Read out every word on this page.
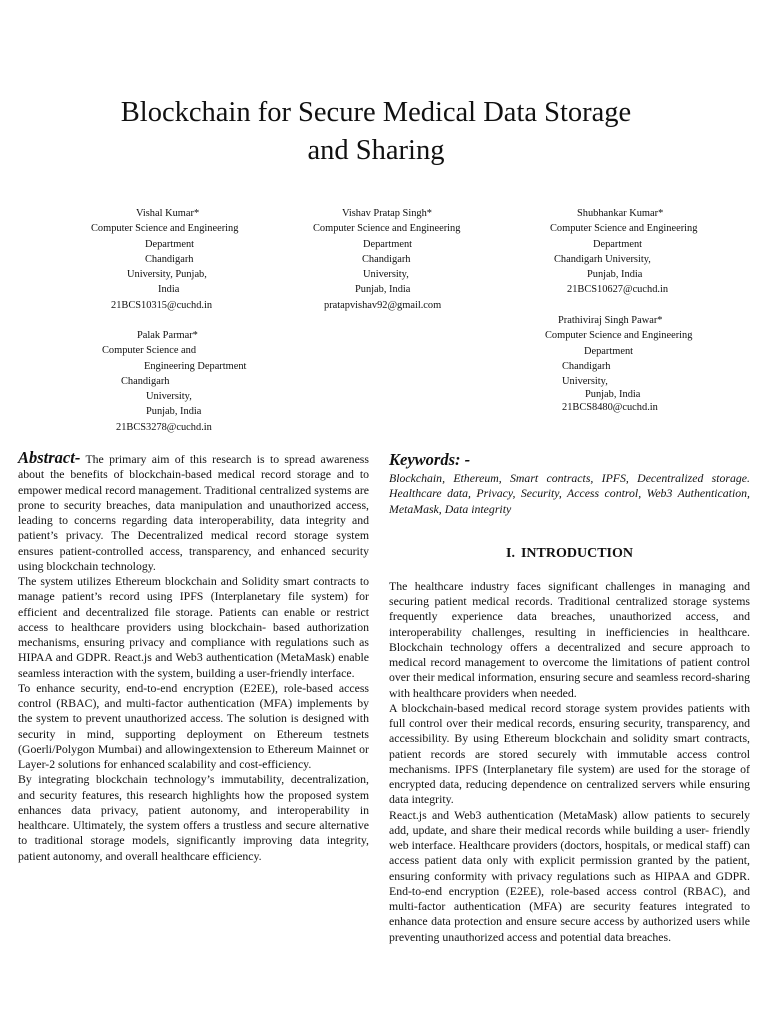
Blockchain for Secure Medical Data Storage
and Sharing
Vishal Kumar*
Computer Science and Engineering
Department
Chandigarh
University, Punjab,
India
21BCS10315@cuchd.in
Vishav Pratap Singh*
Computer Science and Engineering
Department
Chandigarh
University,
Punjab, India
pratapvishav92@gmail.com
Shubhankar Kumar*
Computer Science and Engineering
Department
Chandigarh University,
Punjab, India
21BCS10627@cuchd.in
Palak Parmar*
Computer Science and
Engineering Department
Chandigarh
University,
Punjab, India
21BCS3278@cuchd.in
Prathiviraj Singh Pawar*
Computer Science and Engineering
Department
Chandigarh
University,
Punjab, India
21BCS8480@cuchd.in

Abstract- The primary aim of this research is to spread awareness about the benefits of blockchain-based medical record storage and to empower medical record management. Traditional centralized systems are prone to security breaches, data manipulation and unauthorized access, leading to concerns regarding data interoperability, data integrity and patient’s privacy. The Decentralized medical record storage system ensures patient-controlled access, transparency, and enhanced security using blockchain technology.

The system utilizes Ethereum blockchain and Solidity smart contracts to manage patient’s record using IPFS (Interplanetary file system) for efficient and decentralized file storage. Patients can enable or restrict access to healthcare providers using blockchain- based authorization mechanisms, ensuring privacy and compliance with regulations such as HIPAA and GDPR. React.js and Web3 authentication (MetaMask) enable seamless interaction with the system, building a user-friendly interface.

To enhance security, end-to-end encryption (E2EE), role-based access control (RBAC), and multi-factor authentication (MFA) implements by the system to prevent unauthorized access. The solution is designed with security in mind, supporting deployment on Ethereum testnets (Goerli/Polygon Mumbai) and allowingextension to Ethereum Mainnet or Layer-2 solutions for enhanced scalability and cost-efficiency.

By integrating blockchain technology’s immutability, decentralization, and security features, this research highlights how the proposed system enhances data privacy, patient autonomy, and interoperability in healthcare. Ultimately, the system offers a trustless and secure alternative to traditional storage models, significantly improving data integrity, patient autonomy, and overall healthcare efficiency.

Keywords: -

Blockchain, Ethereum, Smart contracts, IPFS, Decentralized storage. Healthcare data, Privacy, Security, Access control, Web3 Authentication, MetaMask, Data integrity

I. INTRODUCTION

The healthcare industry faces significant challenges in managing and securing patient medical records. Traditional centralized storage systems frequently experience data breaches, unauthorized access, and interoperability challenges, resulting in inefficiencies in healthcare. Blockchain technology offers a decentralized and secure approach to medical record management to overcome the limitations of patient control over their medical information, ensuring secure and seamless record-sharing with healthcare providers when needed.

A blockchain-based medical record storage system provides patients with full control over their medical records, ensuring security, transparency, and accessibility. By using Ethereum blockchain and solidity smart contracts, patient records are stored securely with immutable access control mechanisms. IPFS (Interplanetary file system) are used for the storage of encrypted data, reducing dependence on centralized servers while ensuring data integrity.

React.js and Web3 authentication (MetaMask) allow patients to securely add, update, and share their medical records while building a user- friendly web interface. Healthcare providers (doctors, hospitals, or medical staff) can access patient data only with explicit permission granted by the patient, ensuring conformity with privacy regulations such as HIPAA and GDPR. End-to-end encryption (E2EE), role-based access control (RBAC), and multi-factor authentication (MFA) are security features integrated to enhance data protection and ensure secure access by authorized users while preventing unauthorized access and potential data breaches.
